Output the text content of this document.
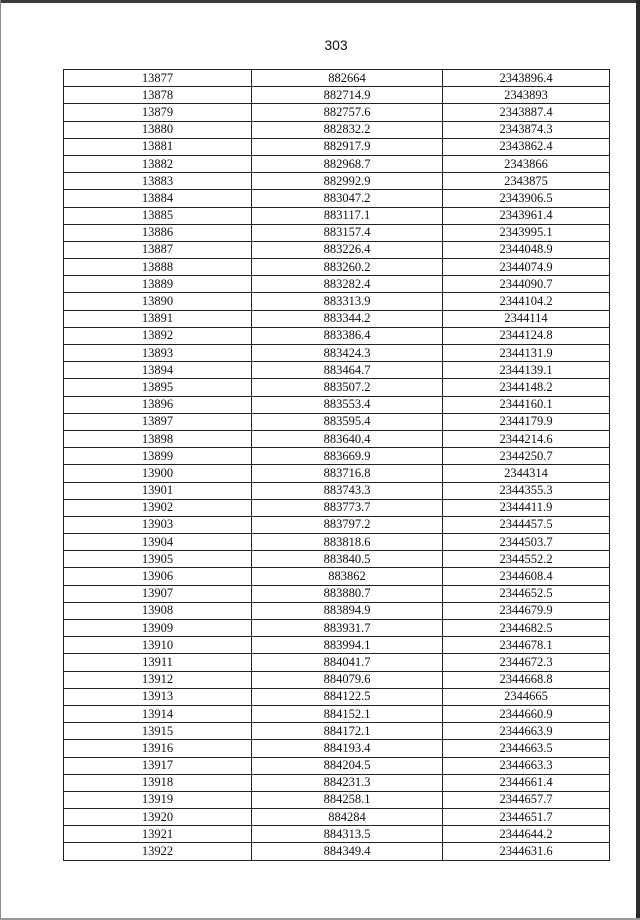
303
13877	882664	2343896.4
13878	882714.9	2343893
13879	882757.6	2343887.4
13880	882832.2	2343874.3
13881	882917.9	2343862.4
13882	882968.7	2343866
13883	882992.9	2343875
13884	883047.2	2343906.5
13885	883117.1	2343961.4
13886	883157.4	2343995.1
13887	883226.4	2344048.9
13888	883260.2	2344074.9
13889	883282.4	2344090.7
13890	883313.9	2344104.2
13891	883344.2	2344114
13892	883386.4	2344124.8
13893	883424.3	2344131.9
13894	883464.7	2344139.1
13895	883507.2	2344148.2
13896	883553.4	2344160.1
13897	883595.4	2344179.9
13898	883640.4	2344214.6
13899	883669.9	2344250.7
13900	883716.8	2344314
13901	883743.3	2344355.3
13902	883773.7	2344411.9
13903	883797.2	2344457.5
13904	883818.6	2344503.7
13905	883840.5	2344552.2
13906	883862	2344608.4
13907	883880.7	2344652.5
13908	883894.9	2344679.9
13909	883931.7	2344682.5
13910	883994.1	2344678.1
13911	884041.7	2344672.3
13912	884079.6	2344668.8
13913	884122.5	2344665
13914	884152.1	2344660.9
13915	884172.1	2344663.9
13916	884193.4	2344663.5
13917	884204.5	2344663.3
13918	884231.3	2344661.4
13919	884258.1	2344657.7
13920	884284	2344651.7
13921	884313.5	2344644.2
13922	884349.4	2344631.6
